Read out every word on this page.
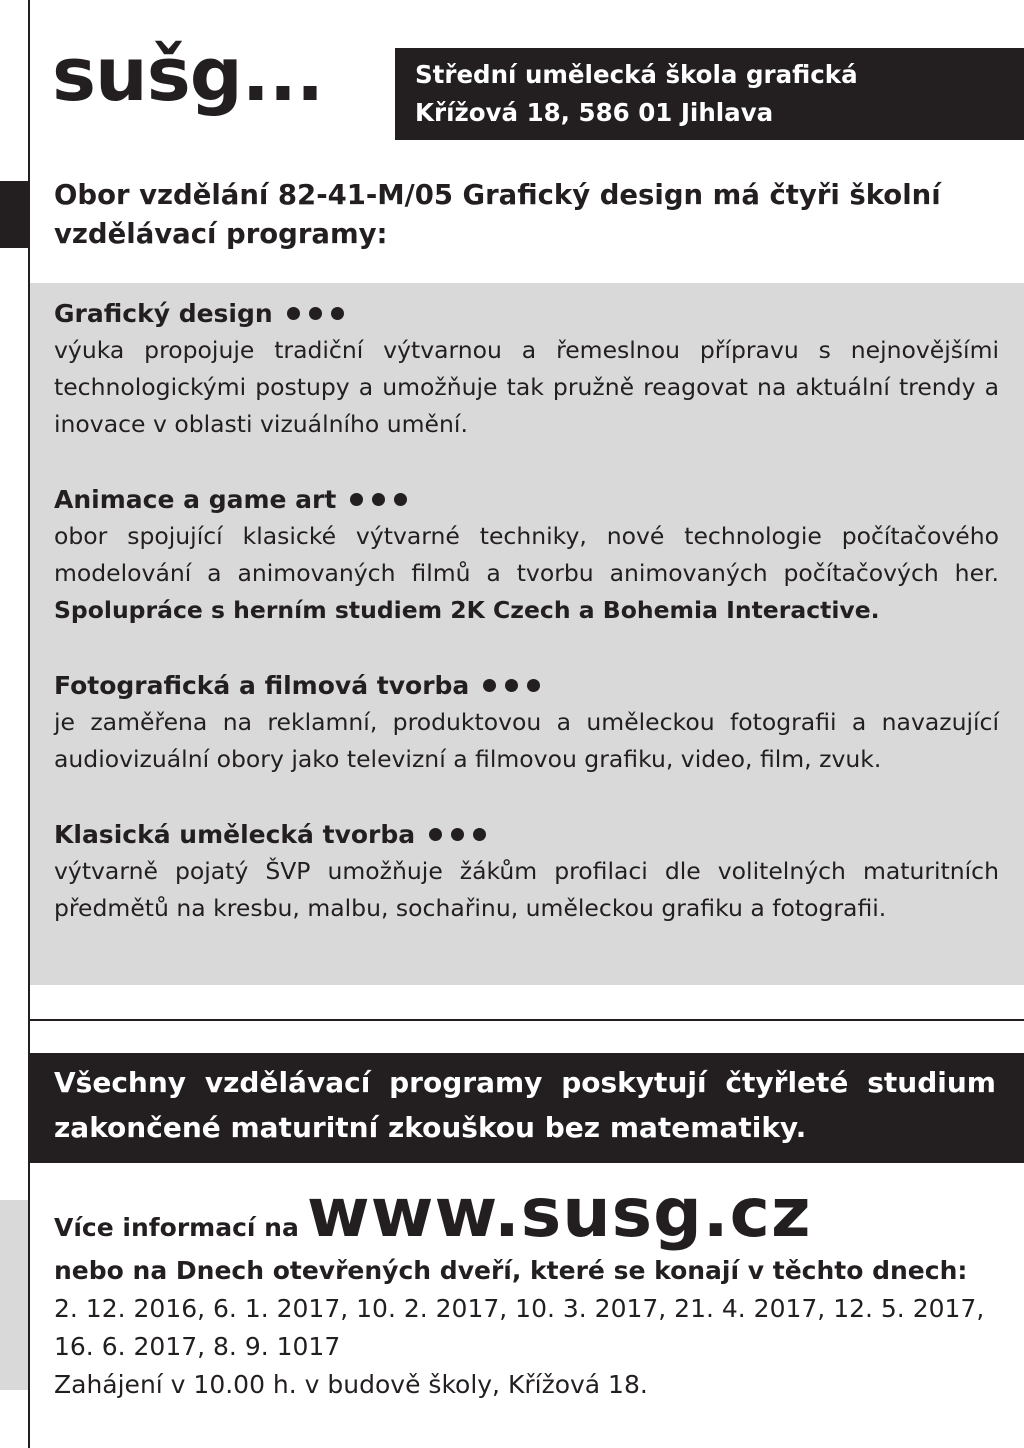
sušg...	Střední umělecká škola grafická
Křížová 18, 586 01 Jihlava
Obor vzdělání 82-41-M/05 Grafický design má čtyři školní vzdělávací programy:
Grafický design
výuka propojuje tradiční výtvarnou a řemeslnou přípravu s nejnovějšími technologickými postupy a umožňuje tak pružně reagovat na aktuální trendy a inovace v oblasti vizuálního umění.
Animace a game art
obor spojující klasické výtvarné techniky, nové technologie počítačového modelování a animovaných filmů a tvorbu animovaných počítačových her. Spolupráce s herním studiem 2K Czech a Bohemia Interactive.
Fotografická a filmová tvorba
je zaměřena na reklamní, produktovou a uměleckou fotografii a navazující audiovizuální obory jako televizní a filmovou grafiku, video, film, zvuk.
Klasická umělecká tvorba
výtvarně pojatý ŠVP umožňuje žákům profilaci dle volitelných maturitních předmětů na kresbu, malbu, sochařinu, uměleckou grafiku a fotografii.
Všechny vzdělávací programy poskytují čtyřleté studium zakončené maturitní zkouškou bez matematiky.
Více informací na www.susg.cz
nebo na Dnech otevřených dveří, které se konají v těchto dnech:
2. 12. 2016, 6. 1. 2017, 10. 2. 2017, 10. 3. 2017, 21. 4. 2017, 12. 5. 2017,
16. 6. 2017, 8. 9. 1017
Zahájení v 10.00 h. v budově školy, Křížová 18.
